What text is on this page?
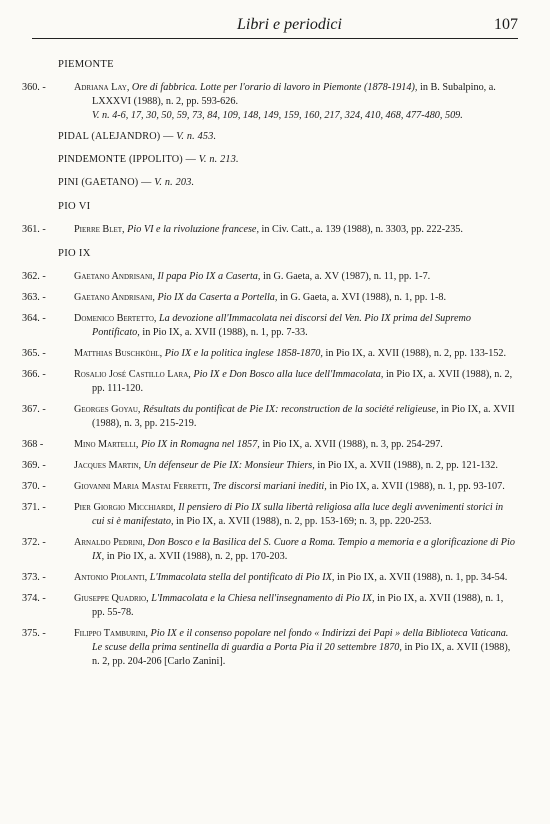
Libri e periodici	107
PIEMONTE
360. -	Adriana Lay, Ore di fabbrica. Lotte per l'orario di lavoro in Piemonte (1878-1914), in B. Subalpino, a. LXXXVI (1988), n. 2, pp. 593-626.
V. n. 4-6, 17, 30, 50, 59, 73, 84, 109, 148, 149, 159, 160, 217, 324, 410, 468, 477-480, 509.
PIDAL (ALEJANDRO) — V. n. 453.
PINDEMONTE (IPPOLITO) — V. n. 213.
PINI (GAETANO) — V. n. 203.
PIO VI
361. -	Pierre Blet, Pio VI e la rivoluzione francese, in Civ. Catt., a. 139 (1988), n. 3303, pp. 222-235.
PIO IX
362. -	Gaetano Andrisani, Il papa Pio IX a Caserta, in G. Gaeta, a. XV (1987), n. 11, pp. 1-7.
363. -	Gaetano Andrisani, Pio IX da Caserta a Portella, in G. Gaeta, a. XVI (1988), n. 1, pp. 1-8.
364. -	Domenico Bertetto, La devozione all'Immacolata nei discorsi del Ven. Pio IX prima del Supremo Pontificato, in Pio IX, a. XVII (1988), n. 1, pp. 7-33.
365. -	Matthias Buschkühl, Pio IX e la politica inglese 1858-1870, in Pio IX, a. XVII (1988), n. 2, pp. 133-152.
366. -	Rosalio José Castillo Lara, Pio IX e Don Bosco alla luce dell'Immacolata, in Pio IX, a. XVII (1988), n. 2, pp. 111-120.
367. -	Georges Goyau, Résultats du pontificat de Pie IX: reconstruction de la société religieuse, in Pio IX, a. XVII (1988), n. 3, pp. 215-219.
368 -	Mino Martelli, Pio IX in Romagna nel 1857, in Pio IX, a. XVII (1988), n. 3, pp. 254-297.
369. -	Jacques Martin, Un défenseur de Pie IX: Monsieur Thiers, in Pio IX, a. XVII (1988), n. 2, pp. 121-132.
370. -	Giovanni Maria Mastai Ferretti, Tre discorsi mariani inediti, in Pio IX, a. XVII (1988), n. 1, pp. 93-107.
371. -	Pier Giorgio Micchiardi, Il pensiero di Pio IX sulla libertà religiosa alla luce degli avvenimenti storici in cui si è manifestato, in Pio IX, a. XVII (1988), n. 2, pp. 153-169; n. 3, pp. 220-253.
372. -	Arnaldo Pedrini, Don Bosco e la Basilica del S. Cuore a Roma. Tempio a memoria e a glorificazione di Pio IX, in Pio IX, a. XVII (1988), n. 2, pp. 170-203.
373. -	Antonio Piolanti, L'Immacolata stella del pontificato di Pio IX, in Pio IX, a. XVII (1988), n. 1, pp. 34-54.
374. -	Giuseppe Quadrio, L'Immacolata e la Chiesa nell'insegnamento di Pio IX, in Pio IX, a. XVII (1988), n. 1, pp. 55-78.
375. -	Filippo Tamburini, Pio IX e il consenso popolare nel fondo « Indirizzi dei Papi » della Biblioteca Vaticana. Le scuse della prima sentinella di guardia a Porta Pia il 20 settembre 1870, in Pio IX, a. XVII (1988), n. 2, pp. 204-206 [Carlo Zanini].
